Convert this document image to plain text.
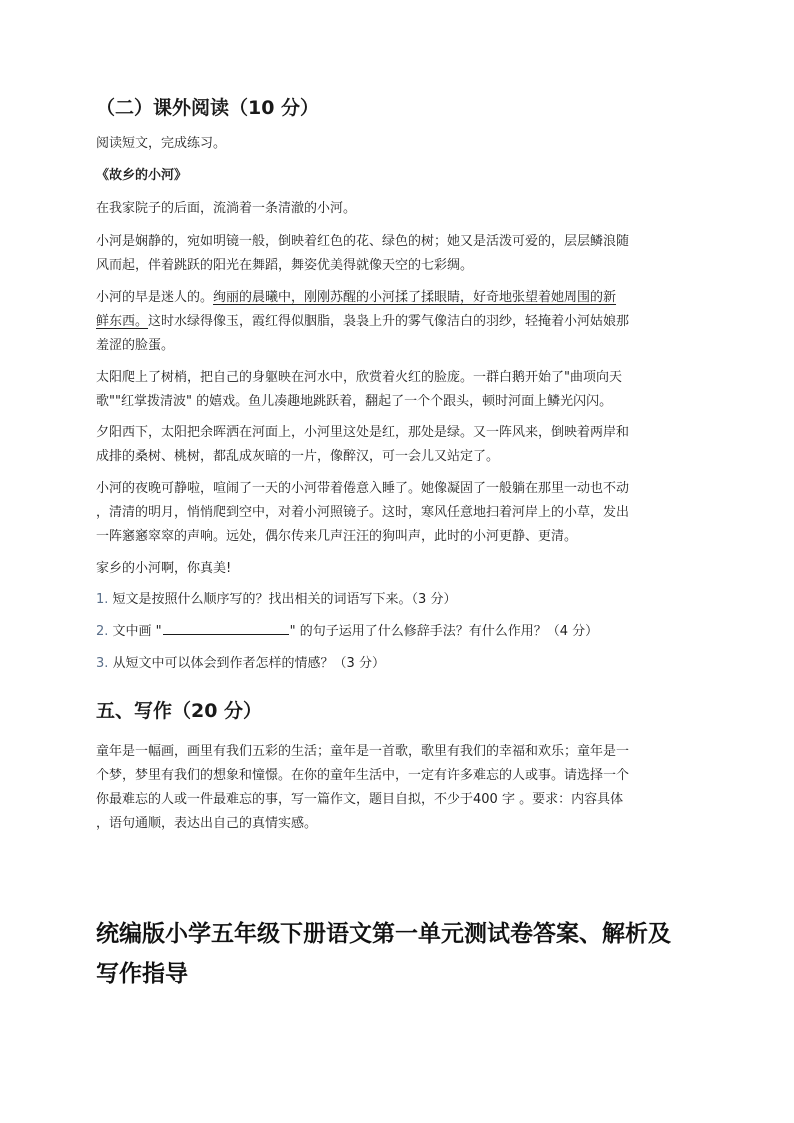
（二）课外阅读（10 分）
阅读短文，完成练习。
《故乡的小河》
在我家院子的后面，流淌着一条清澈的小河。
小河是娴静的，宛如明镜一般，倒映着红色的花、绿色的树；她又是活泼可爱的，层层鳞浪随
风而起，伴着跳跃的阳光在舞蹈，舞姿优美得就像天空的七彩绸。
小河的早是迷人的。绚丽的晨曦中，刚刚苏醒的小河揉了揉眼睛，好奇地张望着她周围的新
鲜东西。这时水绿得像玉，霞红得似胭脂，袅袅上升的雾气像洁白的羽纱，轻掩着小河姑娘那
羞涩的脸蛋。
太阳爬上了树梢，把自己的身躯映在河水中，欣赏着火红的脸庞。一群白鹅开始了"曲项向天
歌""红掌拨清波" 的嬉戏。鱼儿凑趣地跳跃着，翻起了一个个跟头，顿时河面上鳞光闪闪。
夕阳西下，太阳把余晖洒在河面上，小河里这处是红，那处是绿。又一阵风来，倒映着两岸和
成排的桑树、桃树，都乱成灰暗的一片，像醉汉，可一会儿又站定了。
小河的夜晚可静啦，喧闹了一天的小河带着倦意入睡了。她像凝固了一般躺在那里一动也不动
，清清的明月，悄悄爬到空中，对着小河照镜子。这时，寒风任意地扫着河岸上的小草，发出
一阵窸窸窣窣的声响。远处，偶尔传来几声汪汪的狗叫声，此时的小河更静、更清。
家乡的小河啊，你真美!
1. 短文是按照什么顺序写的？找出相关的词语写下来。（3 分）
2. 文中画 "	" 的句子运用了什么修辞手法？有什么作用？（4 分）
3. 从短文中可以体会到作者怎样的情感？（3 分）
五、写作（20 分）
童年是一幅画，画里有我们五彩的生活；童年是一首歌，歌里有我们的幸福和欢乐；童年是一
个梦，梦里有我们的想象和憧憬。在你的童年生活中，一定有许多难忘的人或事。请选择一个
你最难忘的人或一件最难忘的事，写一篇作文，题目自拟，不少于400 字 。要求：内容具体
，语句通顺，表达出自己的真情实感。
统编版小学五年级下册语文第一单元测试卷答案、解析及
写作指导
